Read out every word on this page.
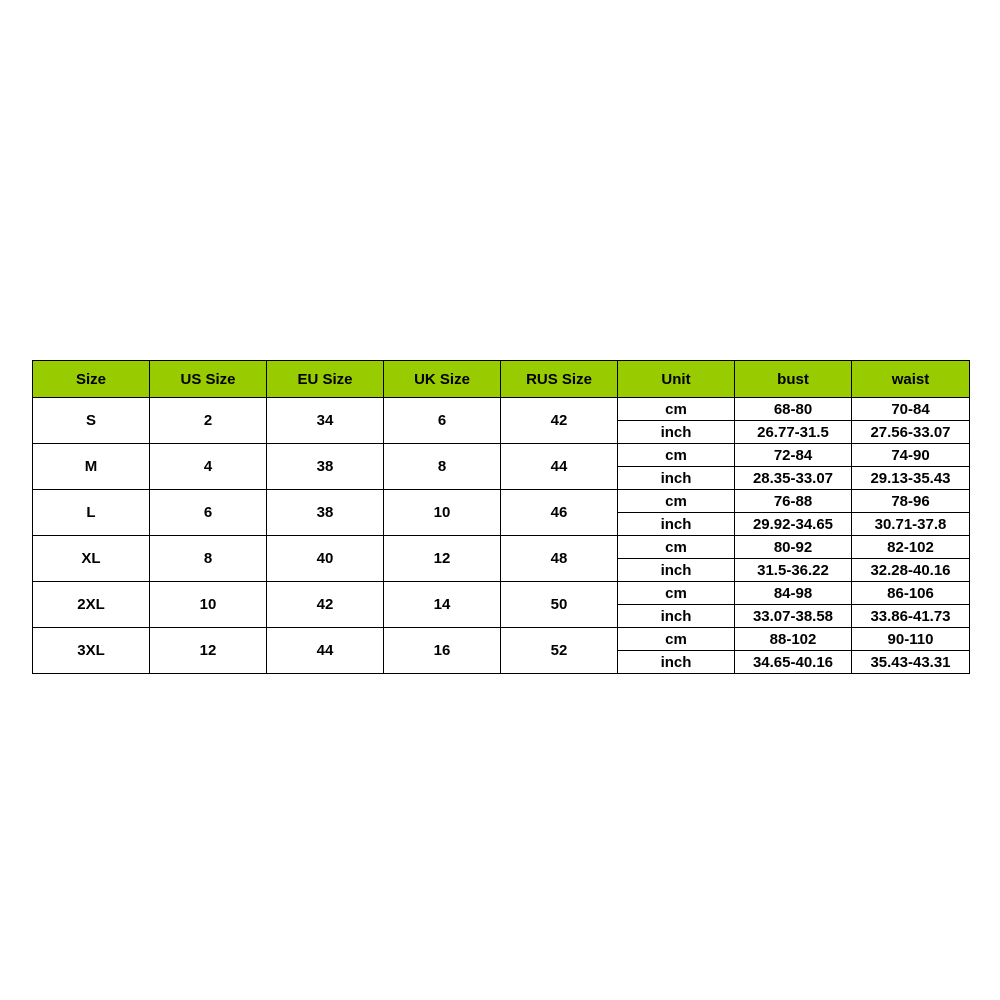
Size	US Size	EU Size	UK Size	RUS Size	Unit	bust	waist
S	2	34	6	42	cm	68-80	70-84
					inch	26.77-31.5	27.56-33.07
M	4	38	8	44	cm	72-84	74-90
					inch	28.35-33.07	29.13-35.43
L	6	38	10	46	cm	76-88	78-96
					inch	29.92-34.65	30.71-37.8
XL	8	40	12	48	cm	80-92	82-102
					inch	31.5-36.22	32.28-40.16
2XL	10	42	14	50	cm	84-98	86-106
					inch	33.07-38.58	33.86-41.73
3XL	12	44	16	52	cm	88-102	90-110
					inch	34.65-40.16	35.43-43.31
